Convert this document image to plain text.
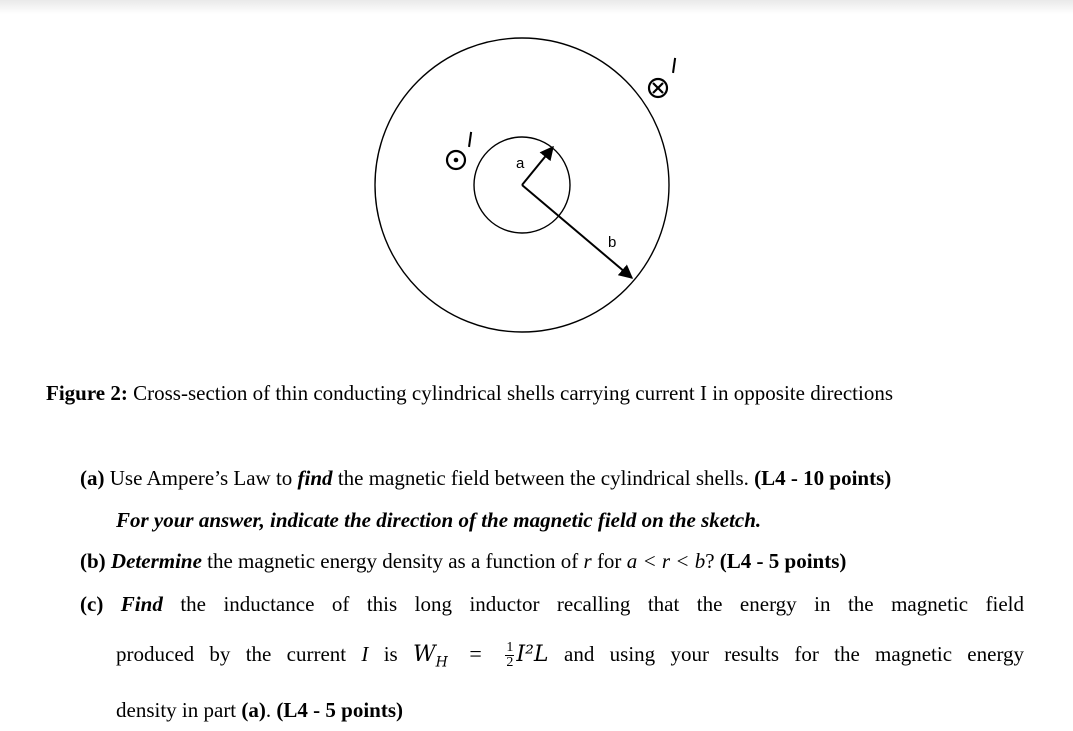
a
b
I
I
Figure 2: Cross-section of thin conducting cylindrical shells carrying current I in opposite directions
(a) Use Ampere’s Law to find the magnetic field between the cylindrical shells. (L4 - 10 points)
For your answer, indicate the direction of the magnetic field on the sketch.
(b) Determine the magnetic energy density as a function of r for a < r < b? (L4 - 5 points)
(c) Find the inductance of this long inductor recalling that the energy in the magnetic field
produced by the current I is $W_H = \frac{1}{2} I^2L$ and using your results for the magnetic energy
density in part (a). (L4 - 5 points)
